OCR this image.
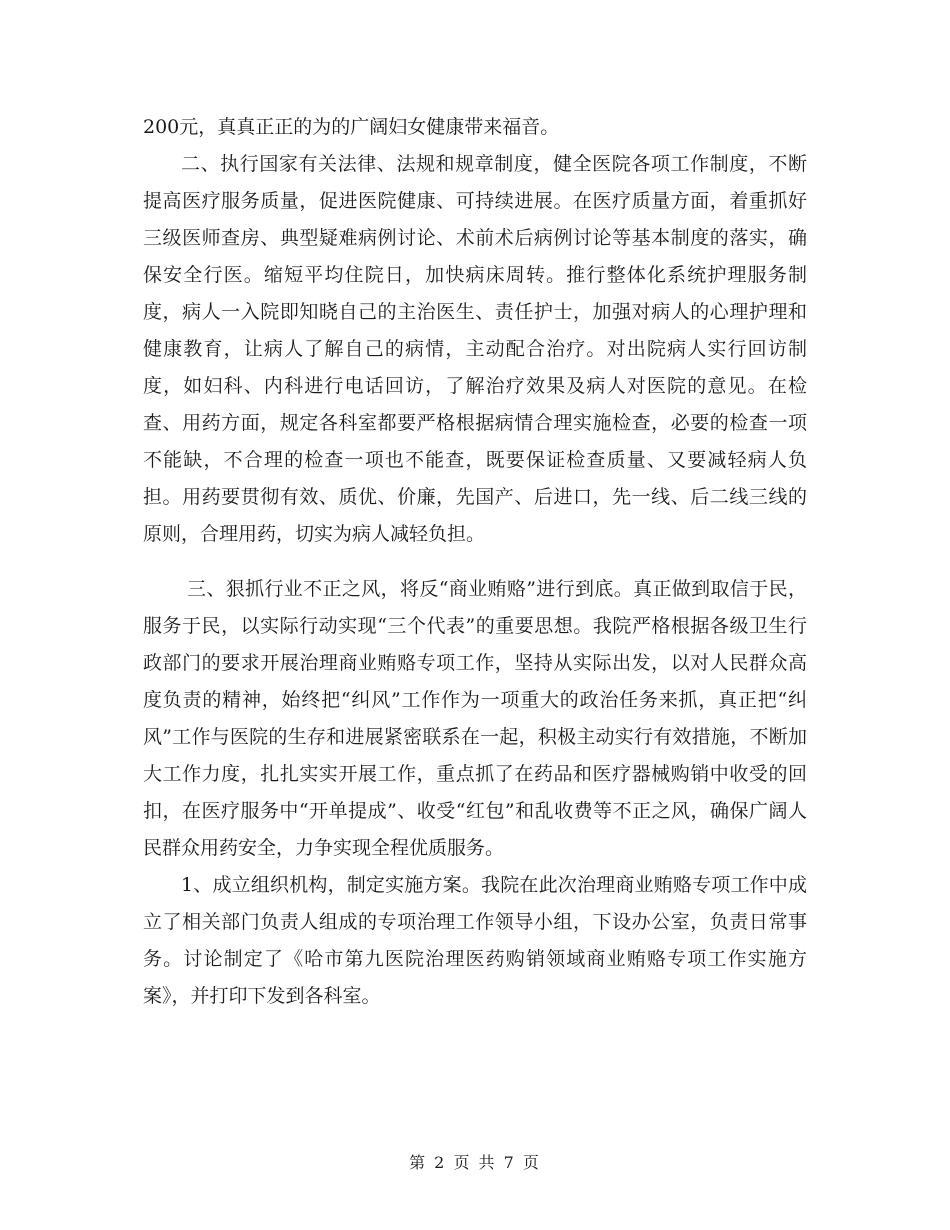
200元，真真正正的为的广阔妇女健康带来福音。

二、执行国家有关法律、法规和规章制度，健全医院各项工作制度，不断提高医疗服务质量，促进医院健康、可持续进展。在医疗质量方面，着重抓好三级医师查房、典型疑难病例讨论、术前术后病例讨论等基本制度的落实，确保安全行医。缩短平均住院日，加快病床周转。推行整体化系统护理服务制度，病人一入院即知晓自己的主治医生、责任护士，加强对病人的心理护理和健康教育，让病人了解自己的病情，主动配合治疗。对出院病人实行回访制度，如妇科、内科进行电话回访，了解治疗效果及病人对医院的意见。在检查、用药方面，规定各科室都要严格根据病情合理实施检查，必要的检查一项不能缺，不合理的检查一项也不能查，既要保证检查质量、又要减轻病人负担。用药要贯彻有效、质优、价廉，先国产、后进口，先一线、后二线三线的原则，合理用药，切实为病人减轻负担。

三、狠抓行业不正之风，将反“商业贿赂”进行到底。真正做到取信于民，服务于民，以实际行动实现“三个代表”的重要思想。我院严格根据各级卫生行政部门的要求开展治理商业贿赂专项工作，坚持从实际出发，以对人民群众高度负责的精神，始终把“纠风”工作作为一项重大的政治任务来抓，真正把“纠风”工作与医院的生存和进展紧密联系在一起，积极主动实行有效措施，不断加大工作力度，扎扎实实开展工作，重点抓了在药品和医疗器械购销中收受的回扣，在医疗服务中“开单提成”、收受“红包”和乱收费等不正之风，确保广阔人民群众用药安全，力争实现全程优质服务。

1、成立组织机构，制定实施方案。我院在此次治理商业贿赂专项工作中成立了相关部门负责人组成的专项治理工作领导小组，下设办公室，负责日常事务。讨论制定了《哈市第九医院治理医药购销领域商业贿赂专项工作实施方案》，并打印下发到各科室。

第 2 页 共 7 页
